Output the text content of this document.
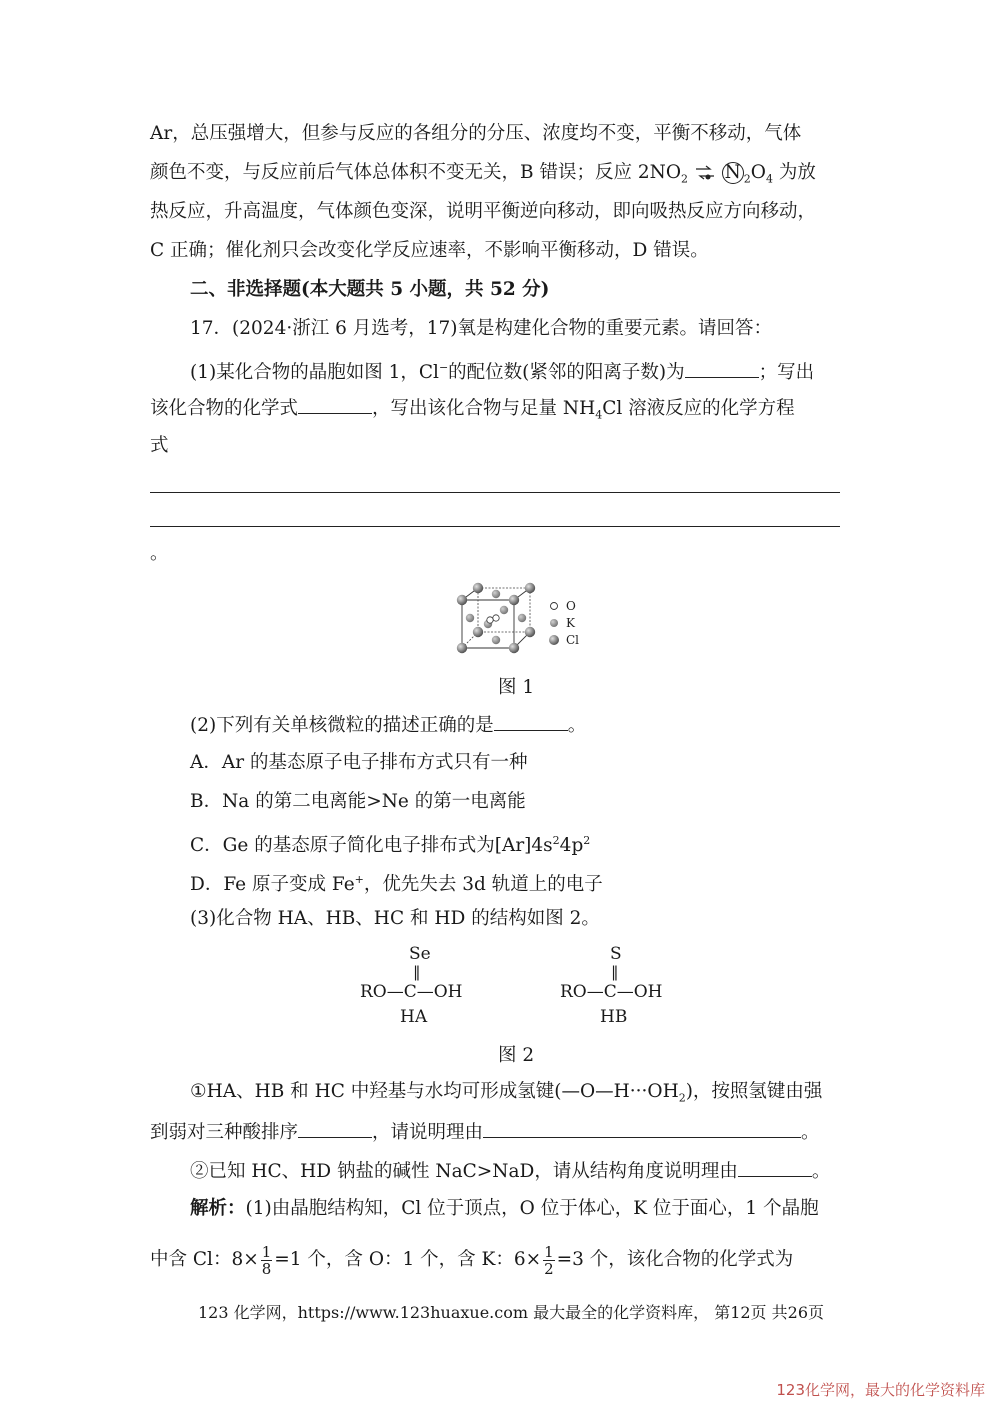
Ar，总压强增大，但参与反应的各组分的分压、浓度均不变，平衡不移动，气体
颜色不变，与反应前后气体总体积不变无关，B 错误；反应 $2NO_2$ ⇌ N $_2O_4$ 为放
热反应，升高温度，气体颜色变深，说明平衡逆向移动，即向吸热反应方向移动，
C 正确；催化剂只会改变化学反应速率，不影响平衡移动，D 错误。
二、非选择题(本大题共 5 小题，共 52 分)
17．(2024·浙江 6 月选考，17)氧是构建化合物的重要元素。请回答：
(1)某化合物的晶胞如图 1，Cl−的配位数(紧邻的阳离子数)为	；写出
该化合物的化学式	，写出该化合物与足量 $NH_4Cl$ 溶液反应的化学方程
式
。
O
K
Cl
图 1
(2)下列有关单核微粒的描述正确的是	。
A．Ar 的基态原子电子排布方式只有一种
B．Na 的第二电离能>Ne 的第一电离能
C．Ge 的基态原子简化电子排布式为$[Ar]4s^24p^2$
D．Fe 原子变成 Fe+，优先失去 3d 轨道上的电子
(3)化合物 HA、HB、HC 和 HD 的结构如图 2。
Se
‖
RO—C—OH
HA
S
‖
RO—C—OH
HB
图 2
①HA、HB 和 HC 中羟基与水均可形成氢键$(—O—H\cdot\cdot\cdot OH_2)$，按照氢键由强
到弱对三种酸排序	，请说明理由	。
②已知 HC、HD 钠盐的碱性 NaC>NaD，请从结构角度说明理由	。
解析：(1)由晶胞结构知，Cl 位于顶点，O 位于体心，K 位于面心，1 个晶胞
中含 Cl：$8\times \frac{1}{8} =1$ 个，含 O：1 个，含 K：$6\times \frac{1}{2} =3$ 个，该化合物的化学式为
123 化学网，https://www.123huaxue.com 最大最全的化学资料库， 第12页 共26页
123化学网，最大的化学资料库
